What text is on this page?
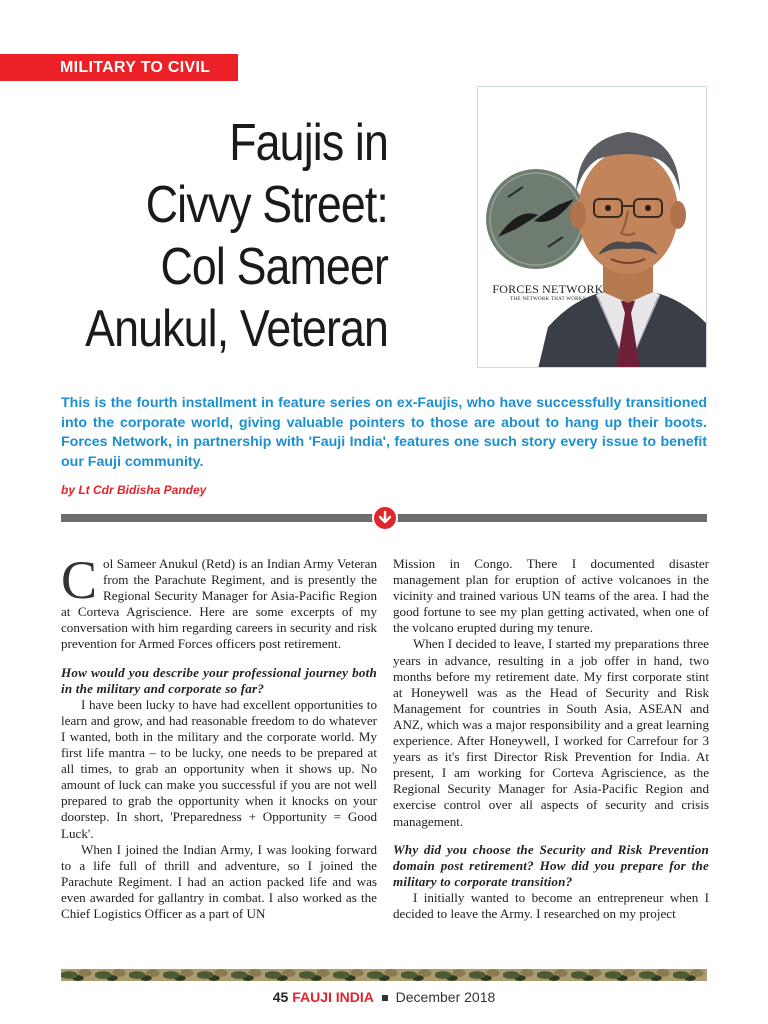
MILITARY TO CIVIL
Faujis in
Civvy Street:
Col Sameer
Anukul, Veteran
FORCES NETWORK
THE NETWORK THAT WORKS

This is the fourth installment in feature series on ex-Faujis, who have successfully transitioned into the corporate world, giving valuable pointers to those are about to hang up their boots. Forces Network, in partnership with 'Fauji India', features one such story every issue to benefit our Fauji community.

by Lt Cdr Bidisha Pandey

Col Sameer Anukul (Retd) is an Indian Army Veteran from the Parachute Regiment, and is presently the Regional Security Manager for Asia-Pacific Region at Corteva Agriscience. Here are some excerpts of my conversation with him regarding careers in security and risk prevention for Armed Forces officers post retirement.

How would you describe your professional journey both in the military and corporate so far?

I have been lucky to have had excellent opportunities to learn and grow, and had reasonable freedom to do whatever I wanted, both in the military and the corporate world. My first life mantra – to be lucky, one needs to be prepared at all times, to grab an opportunity when it shows up. No amount of luck can make you successful if you are not well prepared to grab the opportunity when it knocks on your doorstep. In short, 'Preparedness + Opportunity = Good Luck'.

When I joined the Indian Army, I was looking forward to a life full of thrill and adventure, so I joined the Parachute Regiment. I had an action packed life and was even awarded for gallantry in combat. I also worked as the Chief Logistics Officer as a part of UN

Mission in Congo. There I documented disaster management plan for eruption of active volcanoes in the vicinity and trained various UN teams of the area. I had the good fortune to see my plan getting activated, when one of the volcano erupted during my tenure.

When I decided to leave, I started my preparations three years in advance, resulting in a job offer in hand, two months before my retirement date. My first corporate stint at Honeywell was as the Head of Security and Risk Management for countries in South Asia, ASEAN and ANZ, which was a major responsibility and a great learning experience. After Honeywell, I worked for Carrefour for 3 years as it's first Director Risk Prevention for India. At present, I am working for Corteva Agriscience, as the Regional Security Manager for Asia-Pacific Region and exercise control over all aspects of security and crisis management.

Why did you choose the Security and Risk Prevention domain post retirement? How did you prepare for the military to corporate transition?

I initially wanted to become an entrepreneur when I decided to leave the Army. I researched on my project

45 FAUJI INDIA December 2018
